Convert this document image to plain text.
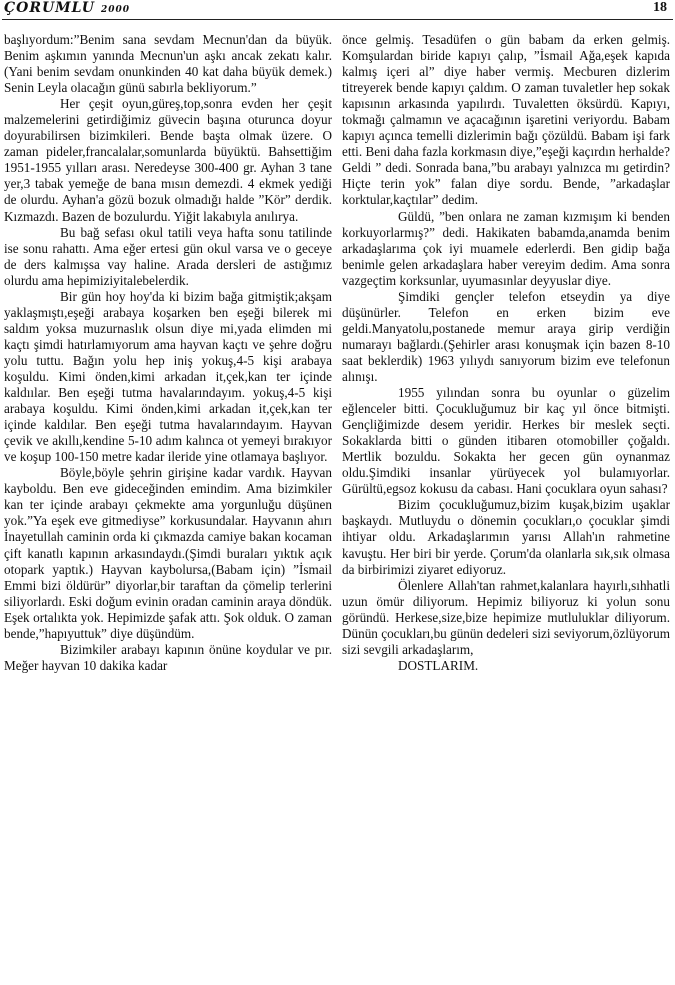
ÇORUMLU 2000	18

başlıyordum:”Benim sana sevdam Mecnun'dan da büyük. Benim aşkımın yanında Mecnun'un aşkı ancak zekatı kalır.(Yani benim sevdam onunkinden 40 kat daha büyük demek.) Senin Leyla olacağın günü sabırla bekliyorum.”

Her çeşit oyun,güreş,top,sonra evden her çeşit malzemelerini getirdiğimiz güvecin başına oturunca doyur doyurabilirsen bizimkileri. Bende başta olmak üzere. O zaman pideler,francalalar,somunlarda büyüktü. Bahsettiğim 1951-1955 yılları arası. Neredeyse 300-400 gr. Ayhan 3 tane yer,3 tabak yemeğe de bana mısın demezdi. 4 ekmek yediği de olurdu. Ayhan'a gözü bozuk olmadığı halde ”Kör” derdik. Kızmazdı. Bazen de bozulurdu. Yiğit lakabıyla anılırya.

Bu bağ sefası okul tatili veya hafta sonu tatilinde ise sonu rahattı. Ama eğer ertesi gün okul varsa ve o geceye de ders kalmışsa vay haline. Arada dersleri de astığımız olurdu ama hepimiziyitalebelerdik.

Bir gün hoy hoy'da ki bizim bağa gitmiştik;akşam yaklaşmıştı,eşeği arabaya koşarken ben eşeği bilerek mi saldım yoksa muzurnaslık olsun diye mi,yada elimden mi kaçtı şimdi hatırlamıyorum ama hayvan kaçtı ve şehre doğru yolu tuttu. Bağın yolu hep iniş yokuş,4-5 kişi arabaya koşuldu. Kimi önden,kimi arkadan it,çek,kan ter içinde kaldıılar. Ben eşeği tutma havalarındayım. yokuş,4-5 kişi arabaya koşuldu. Kimi önden,kimi arkadan it,çek,kan ter içinde kaldılar. Ben eşeği tutma havalarındayım. Hayvan çevik ve akıllı,kendine 5-10 adım kalınca ot yemeyi bırakıyor ve koşup 100-150 metre kadar ileride yine otlamaya başlıyor.

Böyle,böyle şehrin girişine kadar vardık. Hayvan kayboldu. Ben eve gideceğinden emindim. Ama bizimkiler kan ter içinde arabayı çekmekte ama yorgunluğu düşünen yok.”Ya eşek eve gitmediyse” korkusundalar. Hayvanın ahırı İnayetullah caminin orda ki çıkmazda camiye bakan kocaman çift kanatlı kapının arkasındaydı.(Şimdi buraları yıktık açık otopark yaptık.) Hayvan kaybolursa,(Babam için) ”İsmail Emmi bizi öldürür” diyorlar,bir taraftan da çömelip terlerini siliyorlardı. Eski doğum evinin oradan caminin araya döndük. Eşek ortalıkta yok. Hepimizde şafak attı. Şok olduk. O zaman bende,”hapıyuttuk” diye düşündüm.

Bizimkiler arabayı kapının önüne koydular ve pır. Meğer hayvan 10 dakika kadar

önce gelmiş. Tesadüfen o gün babam da erken gelmiş. Komşulardan biride kapıyı çalıp, ”İsmail Ağa,eşek kapıda kalmış içeri al” diye haber vermiş. Mecburen dizlerim titreyerek bende kapıyı çaldım. O zaman tuvaletler hep sokak kapısının arkasında yapılırdı. Tuvaletten öksürdü. Kapıyı, tokmağı çalmamın ve açacağının işaretini veriyordu. Babam kapıyı açınca temelli dizlerimin bağı çözüldü. Babam işi fark etti. Beni daha fazla korkmasın diye,”eşeği kaçırdın herhalde? Geldi ” dedi. Sonrada bana,”bu arabayı yalnızca mı getirdin? Hiçte terin yok” falan diye sordu. Bende, ”arkadaşlar korktular,kaçtılar” dedim.

Güldü, ”ben onlara ne zaman kızmışım ki benden korkuyorlarmış?” dedi. Hakikaten babamda,anamda benim arkadaşlarıma çok iyi muamele ederlerdi. Ben gidip bağa benimle gelen arkadaşlara haber vereyim dedim. Ama sonra vazgeçtim korksunlar, uyumasınlar deyyuslar diye.

Şimdiki gençler telefon etseydin ya diye düşünürler. Telefon en erken bizim eve geldi.Manyatolu,postanede memur araya girip verdiğin numarayı bağlardı.(Şehirler arası konuşmak için bazen 8-10 saat beklerdik) 1963 yılıydı sanıyorum bizim eve telefonun alınışı.

1955 yılından sonra bu oyunlar o güzelim eğlenceler bitti. Çocukluğumuz bir kaç yıl önce bitmişti. Gençliğimizde desem yeridir. Herkes bir meslek seçti. Sokaklarda bitti o günden itibaren otomobiller çoğaldı. Mertlik bozuldu. Sokakta her gecen gün oynanmaz oldu.Şimdiki insanlar yürüyecek yol bulamıyorlar. Gürültü,egsoz kokusu da cabası. Hani çocuklara oyun sahası?

Bizim çocukluğumuz,bizim kuşak,bizim uşaklar başkaydı. Mutluydu o dönemin çocukları,o çocuklar şimdi ihtiyar oldu. Arkadaşlarımın yarısı Allah'ın rahmetine kavuştu. Her biri bir yerde. Çorum'da olanlarla sık,sık olmasa da birbirimizi ziyaret ediyoruz.

Ölenlere Allah'tan rahmet,kalanlara hayırlı,sıhhatli uzun ömür diliyorum. Hepimiz biliyoruz ki yolun sonu göründü. Herkese,size,bize hepimize mutluluklar diliyorum. Dünün çocukları,bu günün dedeleri sizi seviyorum,özlüyorum sizi sevgili arkadaşlarım,

DOSTLARIM.
